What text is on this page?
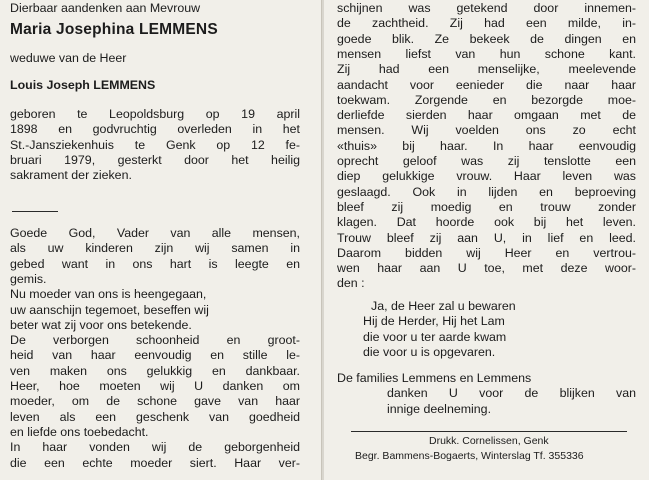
Dierbaar aandenken aan Mevrouw
Maria Josephina LEMMENS
weduwe van de Heer
Louis Joseph LEMMENS
geboren te Leopoldsburg op 19 april
1898 en godvruchtig overleden in het
St.-Jansziekenhuis te Genk op 12 fe-
bruari 1979, gesterkt door het heilig
sakrament der zieken.
Goede God, Vader van alle mensen,
als uw kinderen zijn wij samen in
gebed want in ons hart is leegte en
gemis.
Nu moeder van ons is heengegaan,
uw aanschijn tegemoet, beseffen wij
beter wat zij voor ons betekende.
De verborgen schoonheid en groot-
heid van haar eenvoudig en stille le-
ven maken ons gelukkig en dankbaar.
Heer, hoe moeten wij U danken om
moeder, om de schone gave van haar
leven als een geschenk van goedheid
en liefde ons toebedacht.
In haar vonden wij de geborgenheid
die een echte moeder siert. Haar ver-
schijnen was getekend door innemen-
de zachtheid. Zij had een milde, in-
goede blik. Ze bekeek de dingen en
mensen liefst van hun schone kant.
Zij had een menselijke, meelevende
aandacht voor eenieder die naar haar
toekwam. Zorgende en bezorgde moe-
derliefde sierden haar omgaan met de
mensen. Wij voelden ons zo echt
«thuis» bij haar. In haar eenvoudig
oprecht geloof was zij tenslotte een
diep gelukkige vrouw. Haar leven was
geslaagd. Ook in lijden en beproeving
bleef zij moedig en trouw zonder
klagen. Dat hoorde ook bij het leven.
Trouw bleef zij aan U, in lief en leed.
Daarom bidden wij Heer en vertrou-
wen haar aan U toe, met deze woor-
den :
Ja, de Heer zal u bewaren
Hij de Herder, Hij het Lam
die voor u ter aarde kwam
die voor u is opgevaren.
De families Lemmens en Lemmens
danken U voor de blijken van
innige deelneming.
Drukk. Cornelissen, Genk
Begr. Bammens-Bogaerts, Winterslag Tf. 355336
